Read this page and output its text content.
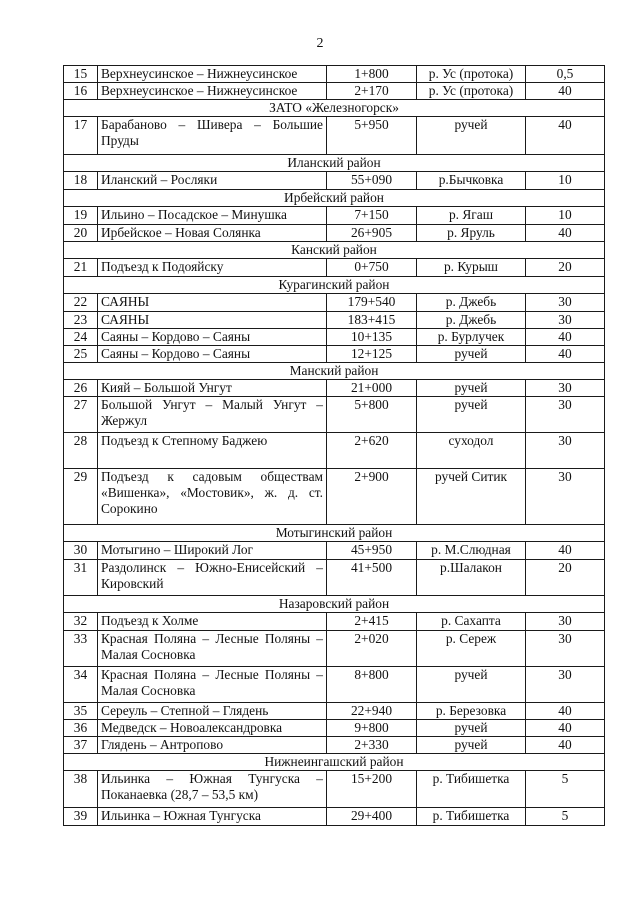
2
15	Верхнеусинское – Нижнеусинское	1+800	р. Ус (протока)	0,5
16	Верхнеусинское – Нижнеусинское	2+170	р. Ус (протока)	40
ЗАТО «Железногорск»				
17	Барабаново – Шивера – Большие Пруды	5+950	ручей	40
Иланский район				
18	Иланский – Росляки	55+090	р.Бычковка	10
Ирбейский район				
19	Ильино – Посадское – Минушка	7+150	р. Ягаш	10
20	Ирбейское – Новая Солянка	26+905	р. Яруль	40
Канский район				
21	Подъезд к Подояйску	0+750	р. Курыш	20
Курагинский район				
22	САЯНЫ	179+540	р. Джебь	30
23	САЯНЫ	183+415	р. Джебь	30
24	Саяны – Кордово – Саяны	10+135	р. Бурлучек	40
25	Саяны – Кордово – Саяны	12+125	ручей	40
Манский район				
26	Кияй – Большой Унгут	21+000	ручей	30
27	Большой Унгут – Малый Унгут – Жержул	5+800	ручей	30
28	Подъезд к Степному Баджею	2+620	суходол	30
29	Подъезд к садовым обществам «Вишенка», «Мостовик», ж. д. ст. Сорокино	2+900	ручей Ситик	30
Мотыгинский район				
30	Мотыгино – Широкий Лог	45+950	р. М.Слюдная	40
31	Раздолинск – Южно-Енисейский – Кировский	41+500	р.Шалакон	20
Назаровский район				
32	Подъезд к Холме	2+415	р. Сахапта	30
33	Красная Поляна – Лесные Поляны – Малая Сосновка	2+020	р. Сереж	30
34	Красная Поляна – Лесные Поляны – Малая Сосновка	8+800	ручей	30
35	Сереуль – Степной – Глядень	22+940	р. Березовка	40
36	Медведск – Новоалександровка	9+800	ручей	40
37	Глядень – Антропово	2+330	ручей	40
Нижнеингашский район				
38	Ильинка – Южная Тунгуска – Поканаевка (28,7 – 53,5 км)	15+200	р. Тибишетка	5
39	Ильинка – Южная Тунгуска	29+400	р. Тибишетка	5
